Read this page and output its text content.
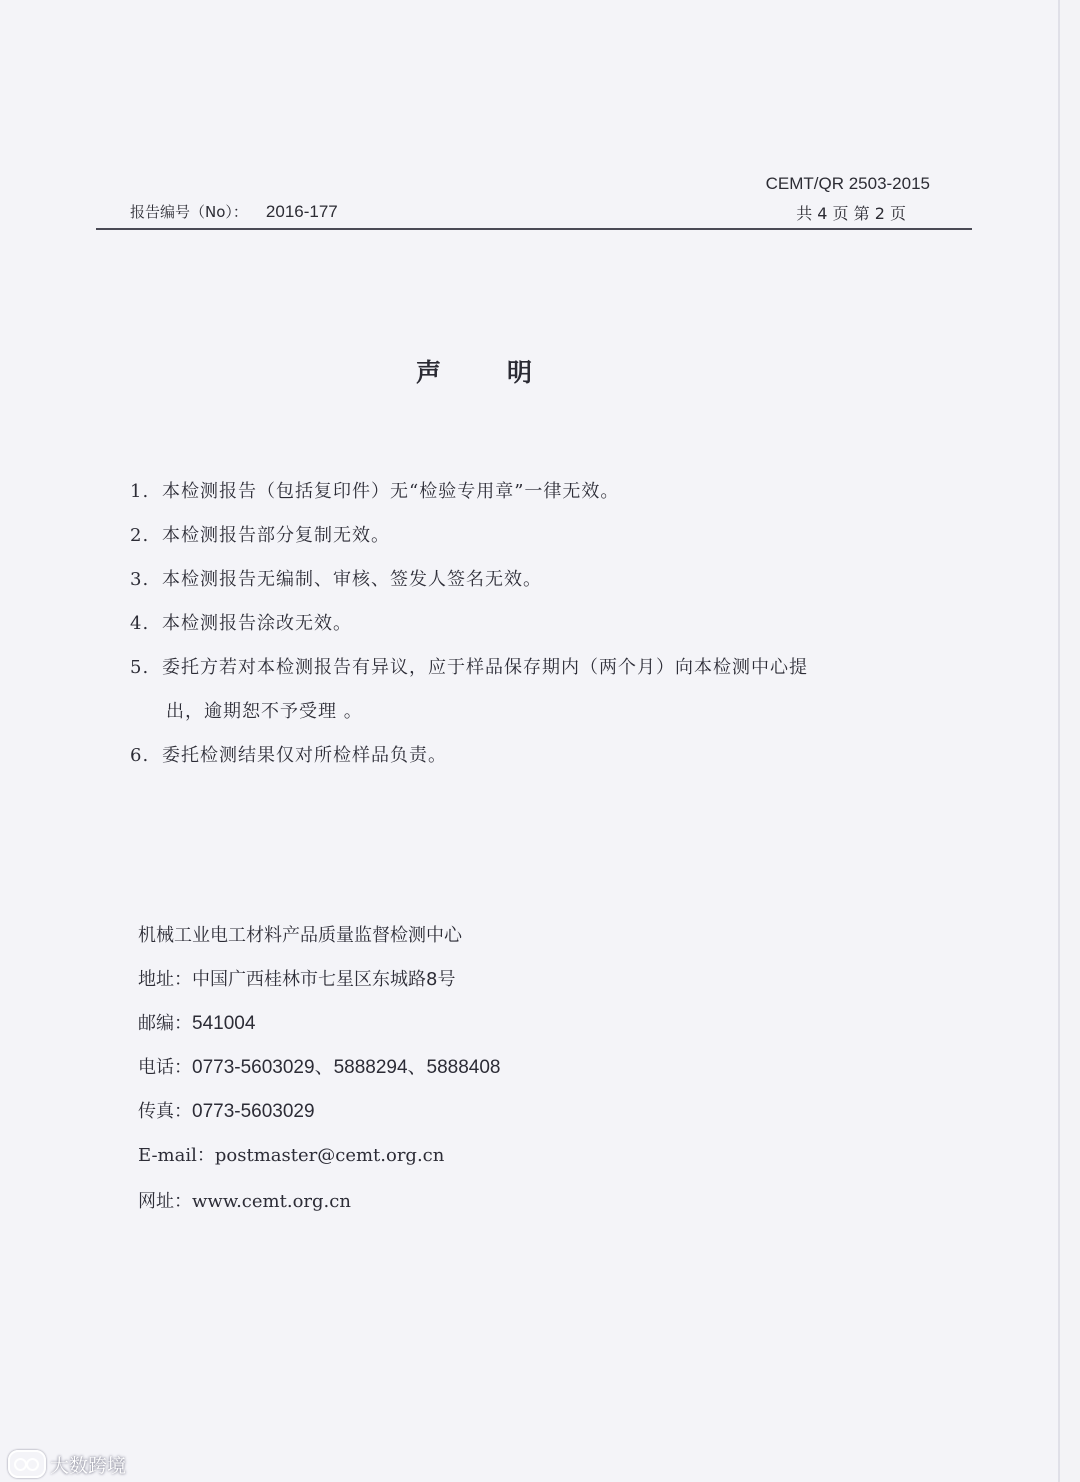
CEMT/QR 2503-2015
报告编号（No）： 2016-177	共 4 页 第 2 页
声明
1. 本检测报告（包括复印件）无“检验专用章”一律无效。
2. 本检测报告部分复制无效。
3. 本检测报告无编制、审核、签发人签名无效。
4. 本检测报告涂改无效。
5. 委托方若对本检测报告有异议，应于样品保存期内（两个月）向本检测中心提
出，逾期恕不予受理 。
6. 委托检测结果仅对所检样品负责。
机械工业电工材料产品质量监督检测中心
地址：中国广西桂林市七星区东城路8号
邮编：541004
电话：0773-5603029、5888294、5888408
传真：0773-5603029
E-mail：postmaster@cemt.org.cn
网址：www.cemt.org.cn
大数跨境
